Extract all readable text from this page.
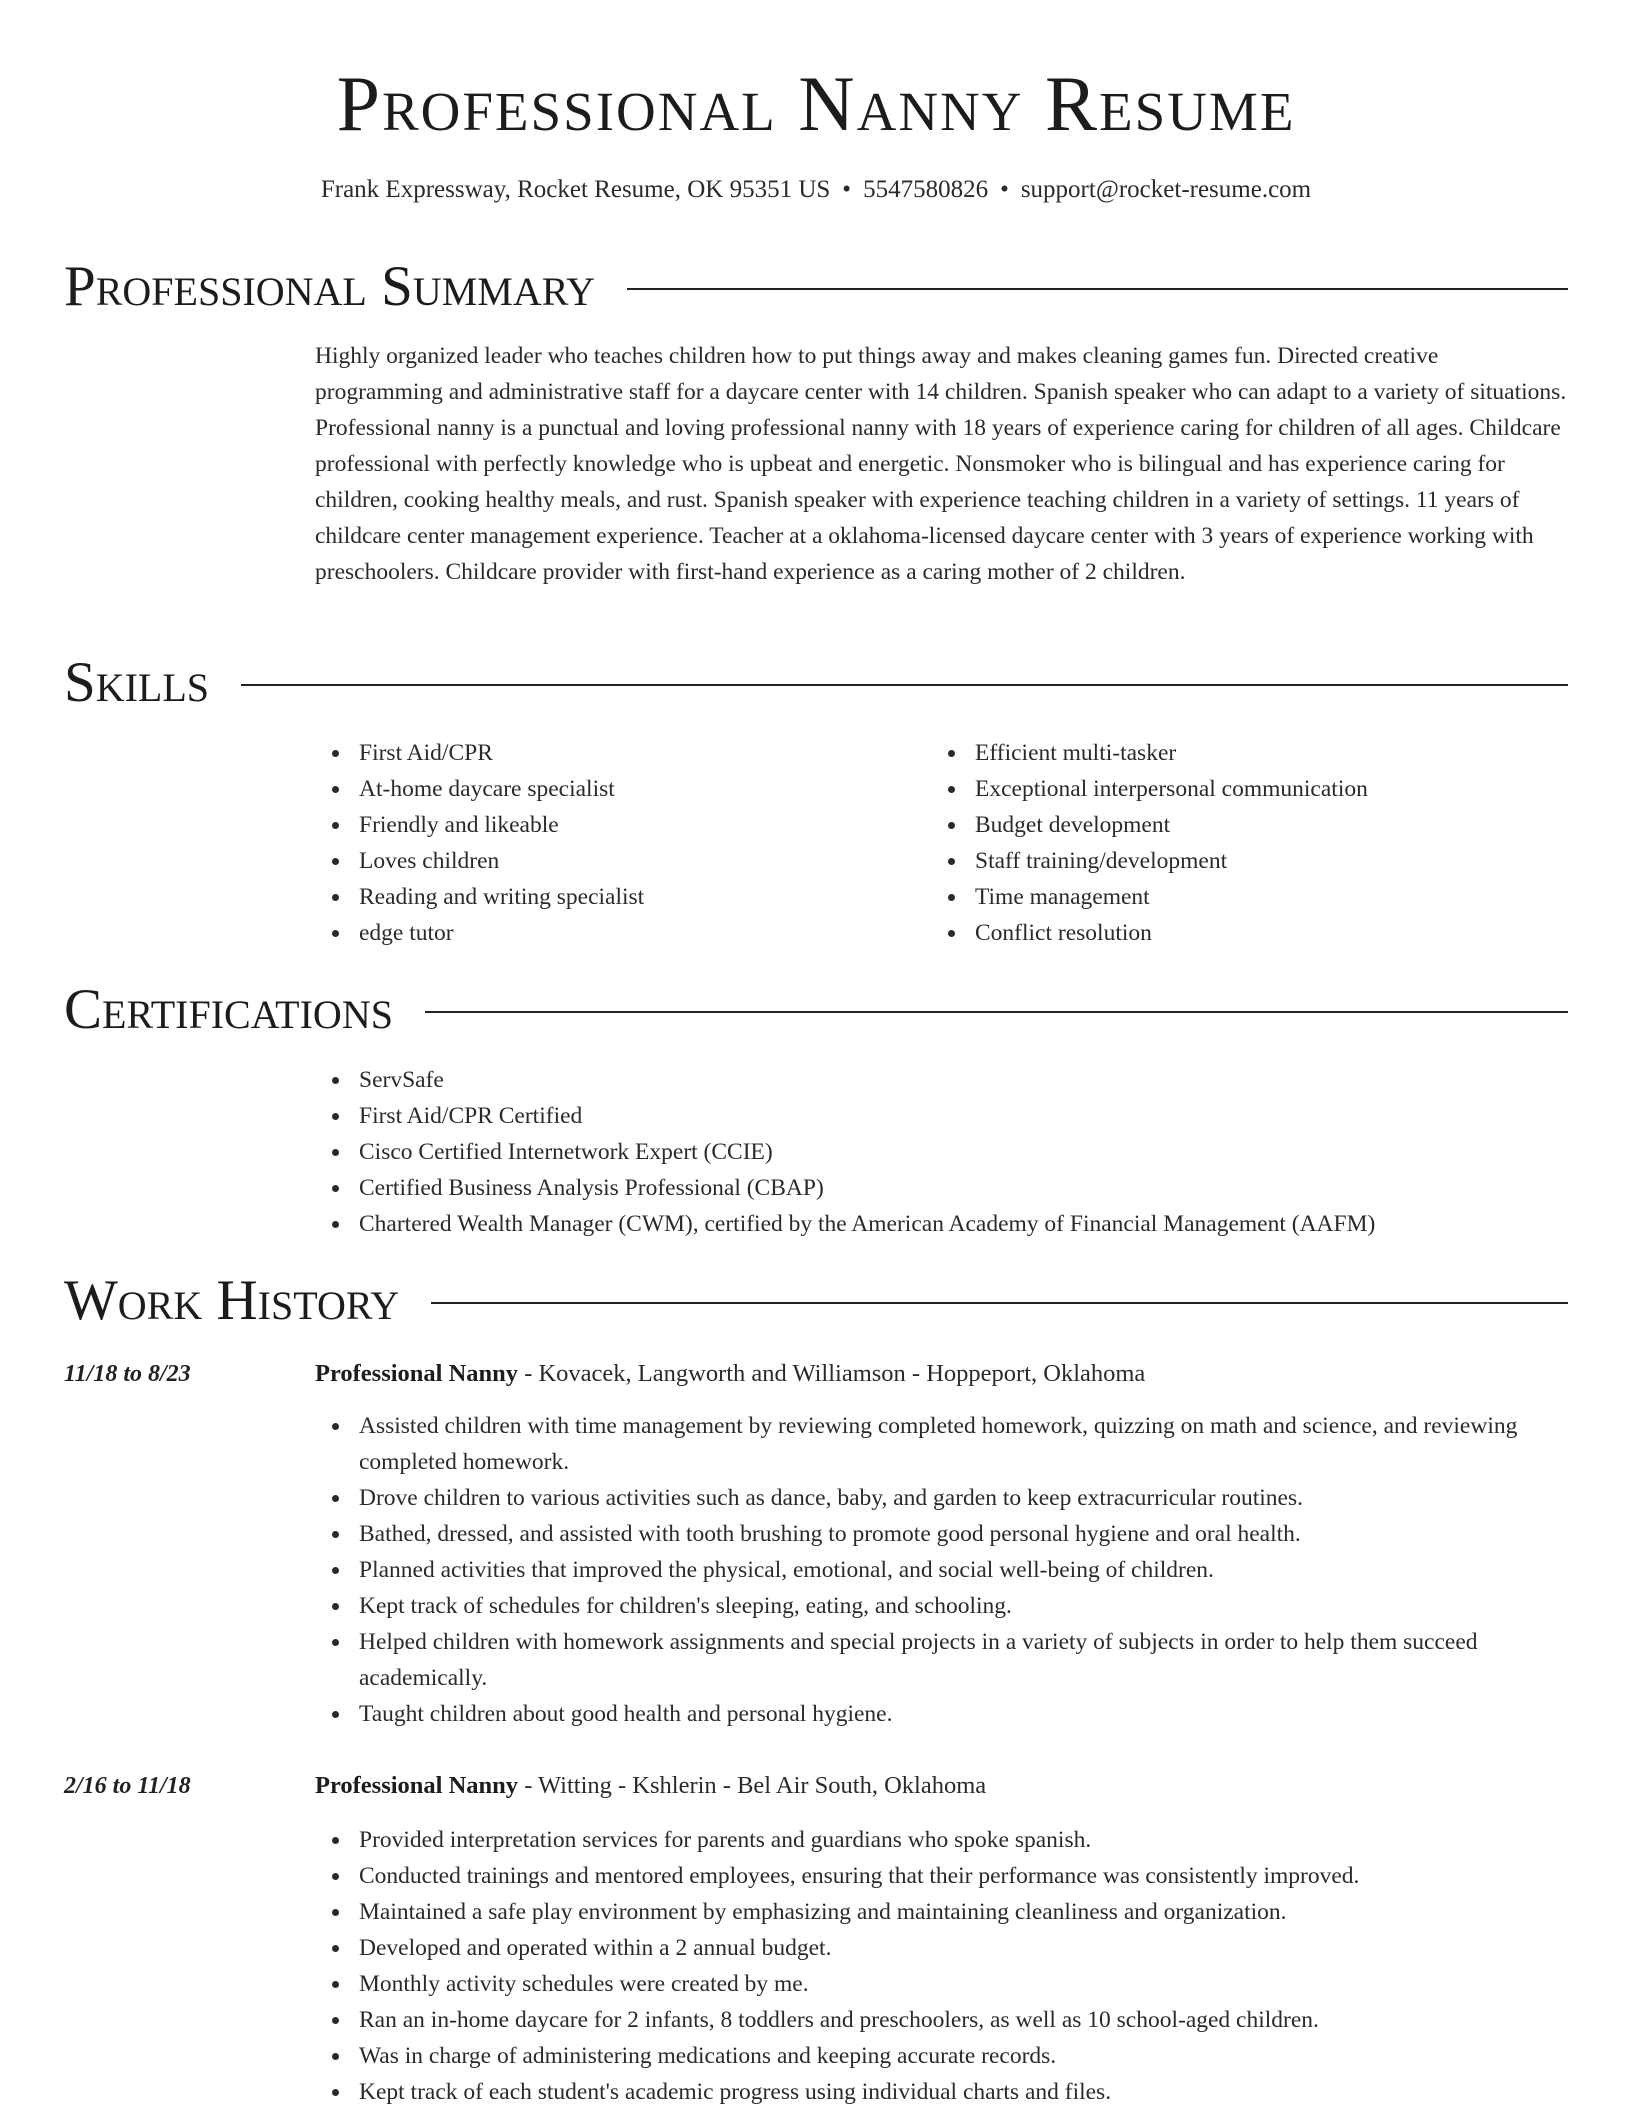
Professional Nanny Resume
Frank Expressway, Rocket Resume, OK 95351 US • 5547580826 • support@rocket-resume.com
Professional Summary

Highly organized leader who teaches children how to put things away and makes cleaning games fun. Directed creative programming and administrative staff for a daycare center with 14 children. Spanish speaker who can adapt to a variety of situations. Professional nanny is a punctual and loving professional nanny with 18 years of experience caring for children of all ages. Childcare professional with perfectly knowledge who is upbeat and energetic. Nonsmoker who is bilingual and has experience caring for children, cooking healthy meals, and rust. Spanish speaker with experience teaching children in a variety of settings. 11 years of childcare center management experience. Teacher at a oklahoma-licensed daycare center with 3 years of experience working with preschoolers. Childcare provider with first-hand experience as a caring mother of 2 children.

Skills
First Aid/CPR
At-home daycare specialist
Friendly and likeable
Loves children
Reading and writing specialist
edge tutor
Efficient multi-tasker
Exceptional interpersonal communication
Budget development
Staff training/development
Time management
Conflict resolution
Certifications
ServSafe
First Aid/CPR Certified
Cisco Certified Internetwork Expert (CCIE)
Certified Business Analysis Professional (CBAP)
Chartered Wealth Manager (CWM), certified by the American Academy of Financial Management (AAFM)
Work History
11/18 to 8/23	Professional Nanny - Kovacek, Langworth and Williamson - Hoppeport, Oklahoma
Assisted children with time management by reviewing completed homework, quizzing on math and science, and reviewing completed homework.
Drove children to various activities such as dance, baby, and garden to keep extracurricular routines.
Bathed, dressed, and assisted with tooth brushing to promote good personal hygiene and oral health.
Planned activities that improved the physical, emotional, and social well-being of children.
Kept track of schedules for children's sleeping, eating, and schooling.
Helped children with homework assignments and special projects in a variety of subjects in order to help them succeed academically.
Taught children about good health and personal hygiene.
2/16 to 11/18	Professional Nanny - Witting - Kshlerin - Bel Air South, Oklahoma
Provided interpretation services for parents and guardians who spoke spanish.
Conducted trainings and mentored employees, ensuring that their performance was consistently improved.
Maintained a safe play environment by emphasizing and maintaining cleanliness and organization.
Developed and operated within a 2 annual budget.
Monthly activity schedules were created by me.
Ran an in-home daycare for 2 infants, 8 toddlers and preschoolers, as well as 10 school-aged children.
Was in charge of administering medications and keeping accurate records.
Kept track of each student's academic progress using individual charts and files.
